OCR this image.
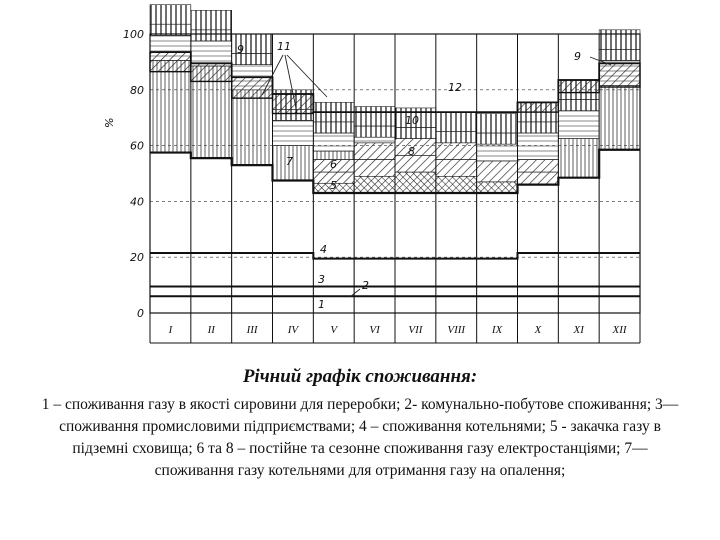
0
20
40
60
80
100
%
I	II	III	IV	V	VI	VII VIII IX	X	XI	XII
1
2
3
4
5
6
7
8
9
9
10
11
12
Річний графік споживання:
1 – споживання газу в якості сировини для переробки; 2- комунально-побутове споживання; 3— споживання промисловими підприємствами; 4 – споживання котельнями; 5 - закачка газу в підземні сховища; 6 та 8 – постійне та сезонне споживання газу електростанціями; 7— споживання газу котельнями для отримання газу на опалення;
